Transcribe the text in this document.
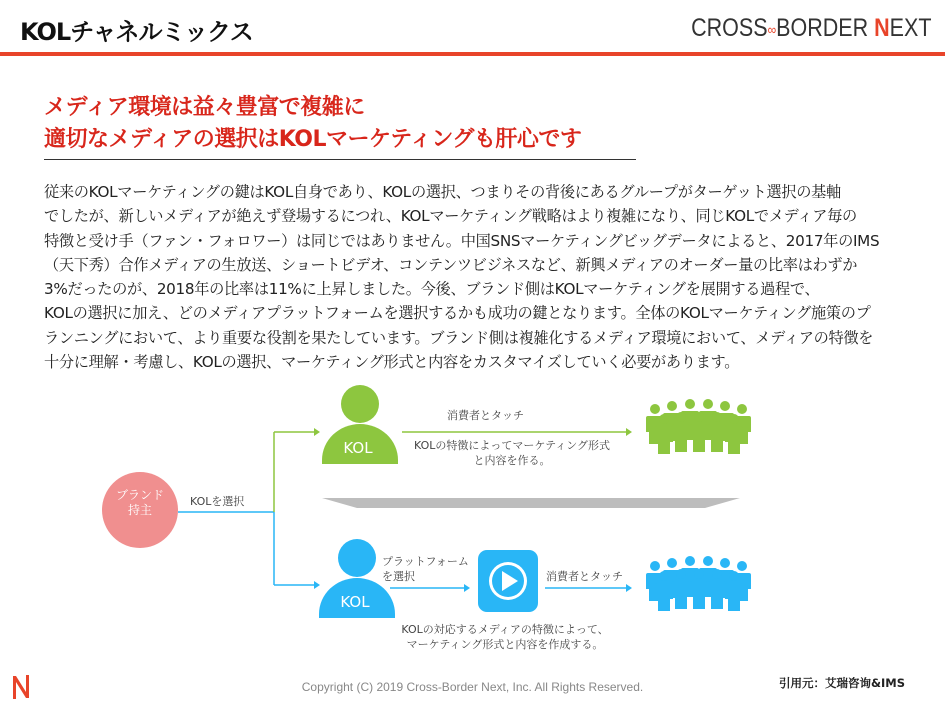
KOLチャネルミックス	CROSS∞BORDER NEXT
メディア環境は益々豊富で複雑に
適切なメディアの選択はKOLマーケティングも肝心です
従来のKOLマーケティングの鍵はKOL自身であり、KOLの選択、つまりその背後にあるグループがターゲット選択の基軸
でしたが、新しいメディアが絶えず登場するにつれ、KOLマーケティング戦略はより複雑になり、同じKOLでメディア毎の
特徴と受け手（ファン・フォロワー）は同じではありません。中国SNSマーケティングビッグデータによると、2017年のIMS
（天下秀）合作メディアの生放送、ショートビデオ、コンテンツビジネスなど、新興メディアのオーダー量の比率はわずか
3%だったのが、2018年の比率は11%に上昇しました。今後、ブランド側はKOLマーケティングを展開する過程で、
KOLの選択に加え、どのメディアプラットフォームを選択するかも成功の鍵となります。全体のKOLマーケティング施策のプ
ランニングにおいて、より重要な役割を果たしています。ブランド側は複雑化するメディア環境において、メディアの特徴を
十分に理解・考慮し、KOLの選択、マーケティング形式と内容をカスタマイズしていく必要があります。
ブランド
持主
KOLを選択
KOL
KOL
消費者とタッチ
KOLの特徴によってマーケティング形式
と内容を作る。
プラットフォーム
を選択	消費者とタッチ
KOLの対応するメディアの特徴によって、
マーケティング形式と内容を作成する。
Copyright (C) 2019 Cross-Border Next, Inc. All Rights Reserved.	引用元：艾瑞咨询&IMS
